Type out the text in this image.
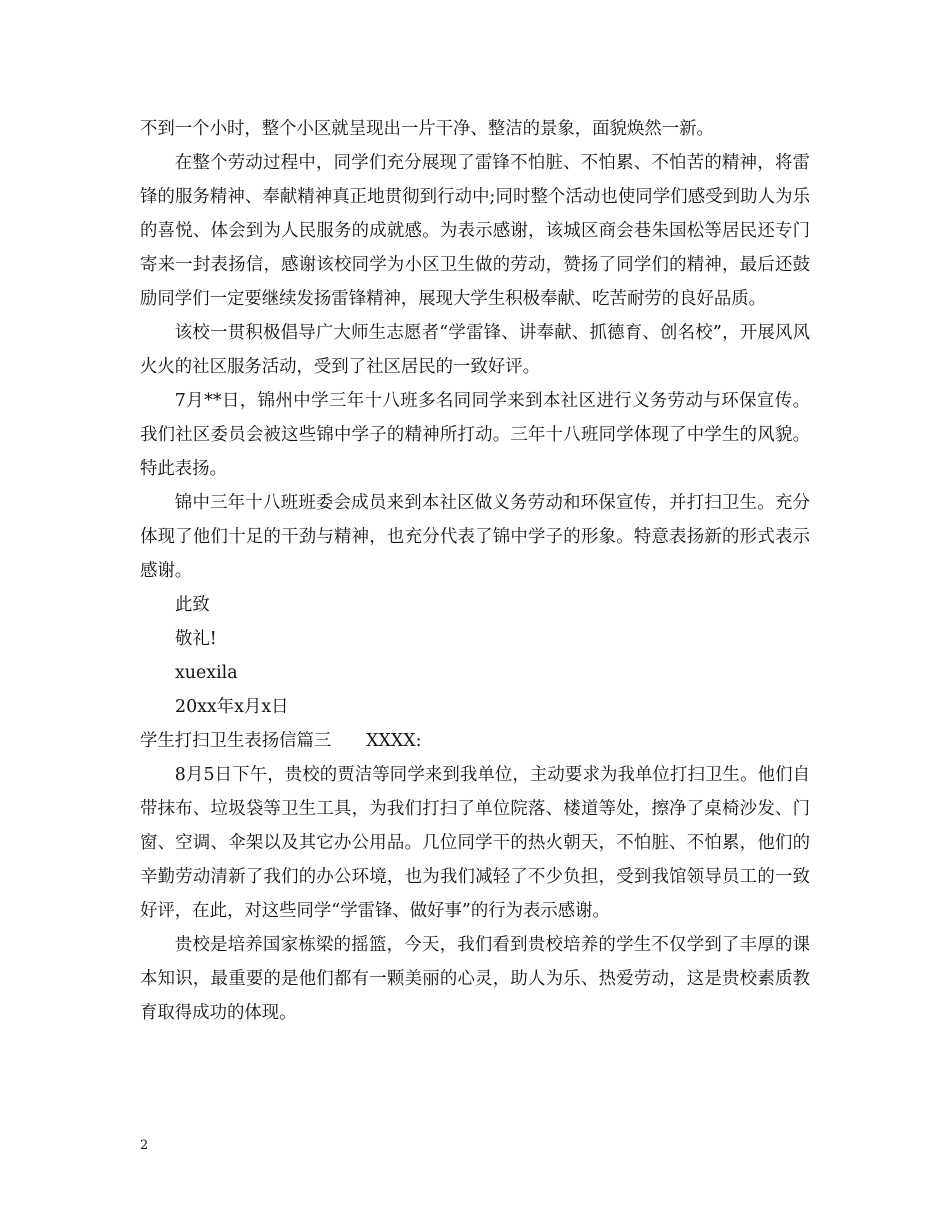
不到一个小时，整个小区就呈现出一片干净、整洁的景象，面貌焕然一新。

在整个劳动过程中，同学们充分展现了雷锋不怕脏、不怕累、不怕苦的精神，将雷锋的服务精神、奉献精神真正地贯彻到行动中;同时整个活动也使同学们感受到助人为乐的喜悦、体会到为人民服务的成就感。为表示感谢，该城区商会巷朱国松等居民还专门寄来一封表扬信，感谢该校同学为小区卫生做的劳动，赞扬了同学们的精神，最后还鼓励同学们一定要继续发扬雷锋精神，展现大学生积极奉献、吃苦耐劳的良好品质。

该校一贯积极倡导广大师生志愿者“学雷锋、讲奉献、抓德育、创名校”，开展风风火火的社区服务活动，受到了社区居民的一致好评。

7月**日，锦州中学三年十八班多名同同学来到本社区进行义务劳动与环保宣传。我们社区委员会被这些锦中学子的精神所打动。三年十八班同学体现了中学生的风貌。特此表扬。

锦中三年十八班班委会成员来到本社区做义务劳动和环保宣传，并打扫卫生。充分体现了他们十足的干劲与精神，也充分代表了锦中学子的形象。特意表扬新的形式表示感谢。

此致

敬礼!

xuexila

20xx年x月x日

学生打扫卫生表扬信篇三　　XXXX:

8月5日下午，贵校的贾洁等同学来到我单位，主动要求为我单位打扫卫生。他们自带抹布、垃圾袋等卫生工具，为我们打扫了单位院落、楼道等处，擦净了桌椅沙发、门窗、空调、伞架以及其它办公用品。几位同学干的热火朝天，不怕脏、不怕累，他们的辛勤劳动清新了我们的办公环境，也为我们减轻了不少负担，受到我馆领导员工的一致好评，在此，对这些同学“学雷锋、做好事”的行为表示感谢。

贵校是培养国家栋梁的摇篮，今天，我们看到贵校培养的学生不仅学到了丰厚的课本知识，最重要的是他们都有一颗美丽的心灵，助人为乐、热爱劳动，这是贵校素质教育取得成功的体现。

2
